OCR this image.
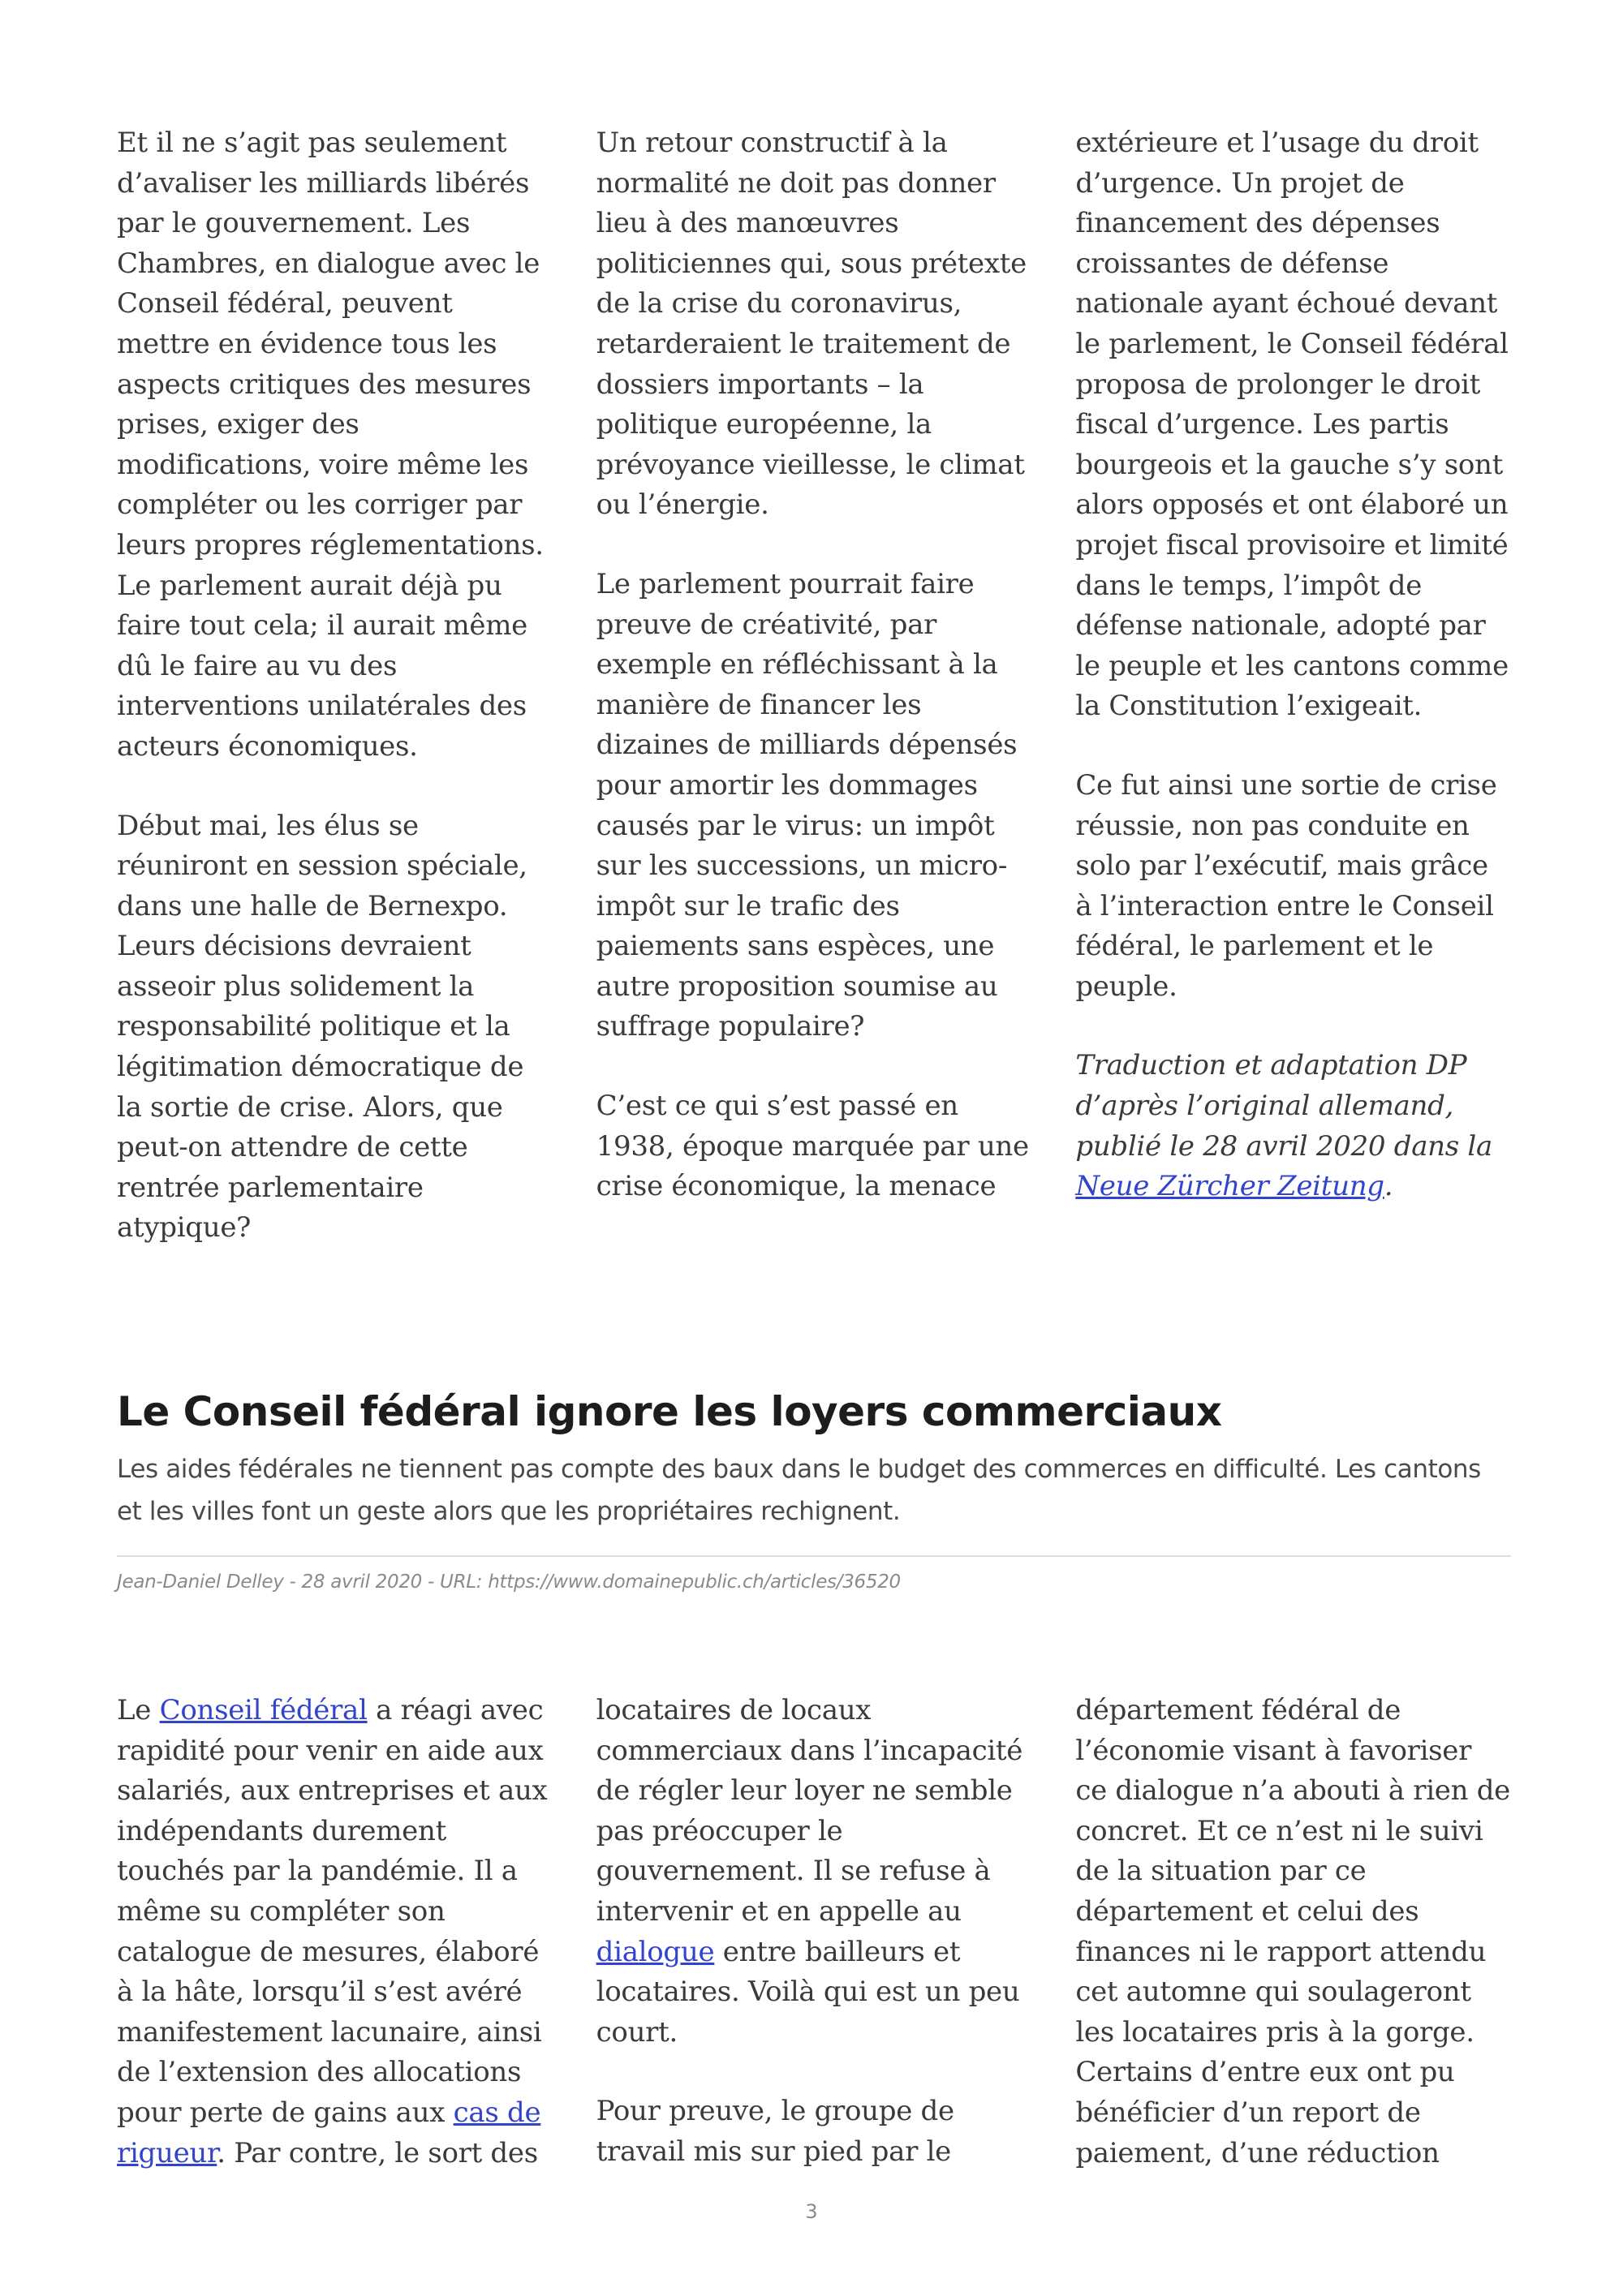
Et il ne s’agit pas seulement d’avaliser les milliards libérés par le gouvernement. Les Chambres, en dialogue avec le Conseil fédéral, peuvent mettre en évidence tous les aspects critiques des mesures prises, exiger des modifications, voire même les compléter ou les corriger par leurs propres réglementations. Le parlement aurait déjà pu faire tout cela; il aurait même dû le faire au vu des interventions unilatérales des acteurs économiques.

Début mai, les élus se réuniront en session spéciale, dans une halle de Bernexpo. Leurs décisions devraient asseoir plus solidement la responsabilité politique et la légitimation démocratique de la sortie de crise. Alors, que peut-on attendre de cette rentrée parlementaire atypique?

Un retour constructif à la normalité ne doit pas donner lieu à des manœuvres politiciennes qui, sous prétexte de la crise du coronavirus, retarderaient le traitement de dossiers importants – la politique européenne, la prévoyance vieillesse, le climat ou l’énergie.

Le parlement pourrait faire preuve de créativité, par exemple en réfléchissant à la manière de financer les dizaines de milliards dépensés pour amortir les dommages causés par le virus: un impôt sur les successions, un micro-impôt sur le trafic des paiements sans espèces, une autre proposition soumise au suffrage populaire?

C’est ce qui s’est passé en 1938, époque marquée par une crise économique, la menace

extérieure et l’usage du droit d’urgence. Un projet de financement des dépenses croissantes de défense nationale ayant échoué devant le parlement, le Conseil fédéral proposa de prolonger le droit fiscal d’urgence. Les partis bourgeois et la gauche s’y sont alors opposés et ont élaboré un projet fiscal provisoire et limité dans le temps, l’impôt de défense nationale, adopté par le peuple et les cantons comme la Constitution l’exigeait.

Ce fut ainsi une sortie de crise réussie, non pas conduite en solo par l’exécutif, mais grâce à l’interaction entre le Conseil fédéral, le parlement et le peuple.

Traduction et adaptation DP d’après l’original allemand, publié le 28 avril 2020 dans la Neue Zürcher Zeitung.

Le Conseil fédéral ignore les loyers commerciaux

Les aides fédérales ne tiennent pas compte des baux dans le budget des commerces en difficulté. Les cantons et les villes font un geste alors que les propriétaires rechignent.

Jean-Daniel Delley - 28 avril 2020 - URL: https://www.domainepublic.ch/articles/36520

Le Conseil fédéral a réagi avec rapidité pour venir en aide aux salariés, aux entreprises et aux indépendants durement touchés par la pandémie. Il a même su compléter son catalogue de mesures, élaboré à la hâte, lorsqu’il s’est avéré manifestement lacunaire, ainsi de l’extension des allocations pour perte de gains aux cas de rigueur. Par contre, le sort des

locataires de locaux commerciaux dans l’incapacité de régler leur loyer ne semble pas préoccuper le gouvernement. Il se refuse à intervenir et en appelle au dialogue entre bailleurs et locataires. Voilà qui est un peu court.

Pour preuve, le groupe de travail mis sur pied par le

département fédéral de l’économie visant à favoriser ce dialogue n’a abouti à rien de concret. Et ce n’est ni le suivi de la situation par ce département et celui des finances ni le rapport attendu cet automne qui soulageront les locataires pris à la gorge. Certains d’entre eux ont pu bénéficier d’un report de paiement, d’une réduction

3
